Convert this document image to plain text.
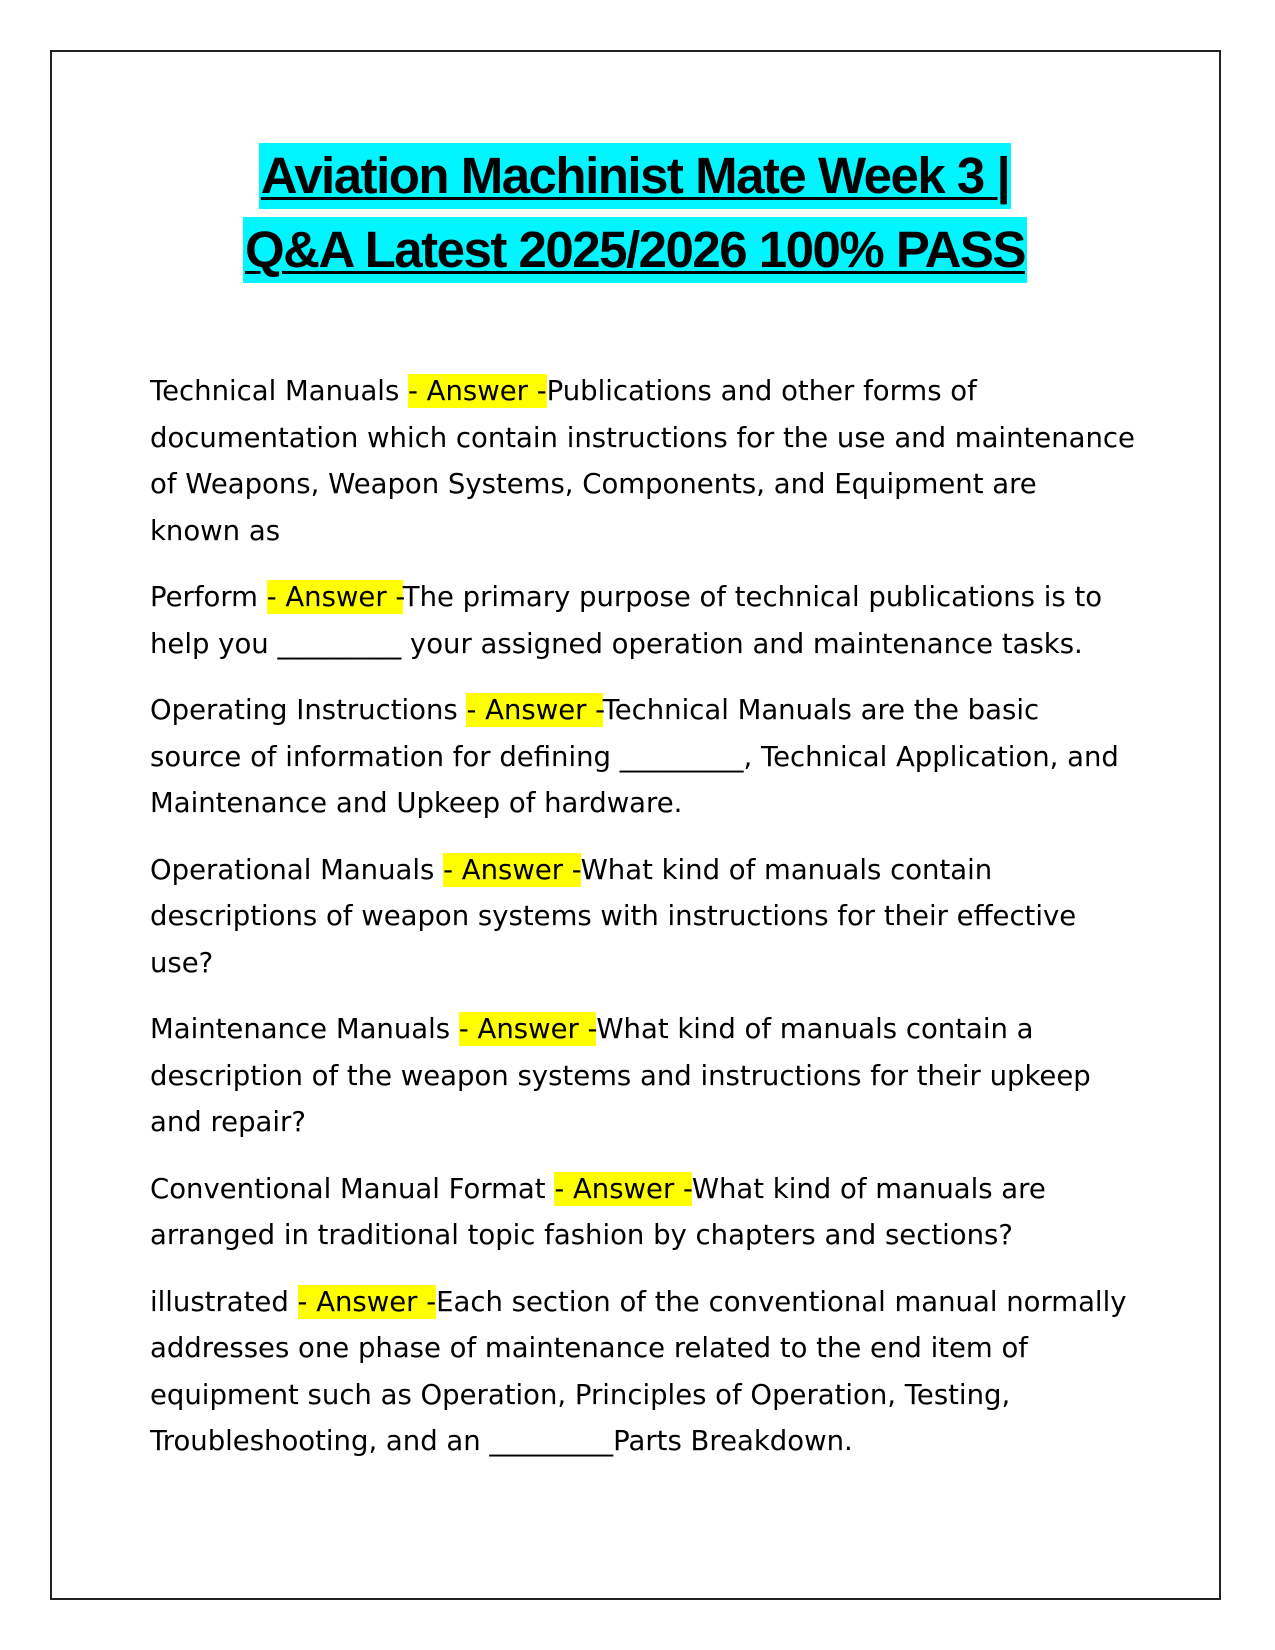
Aviation Machinist Mate Week 3 |
Q&A Latest 2025/2026 100% PASS

Technical Manuals - Answer -Publications and other forms of documentation which contain instructions for the use and maintenance of Weapons, Weapon Systems, Components, and Equipment are known as

Perform - Answer -The primary purpose of technical publications is to help you _________ your assigned operation and maintenance tasks.

Operating Instructions - Answer -Technical Manuals are the basic source of information for defining _________, Technical Application, and Maintenance and Upkeep of hardware.

Operational Manuals - Answer -What kind of manuals contain descriptions of weapon systems with instructions for their effective use?

Maintenance Manuals - Answer -What kind of manuals contain a description of the weapon systems and instructions for their upkeep and repair?

Conventional Manual Format - Answer -What kind of manuals are arranged in traditional topic fashion by chapters and sections?

illustrated - Answer -Each section of the conventional manual normally addresses one phase of maintenance related to the end item of equipment such as Operation, Principles of Operation, Testing, Troubleshooting, and an _________Parts Breakdown.
